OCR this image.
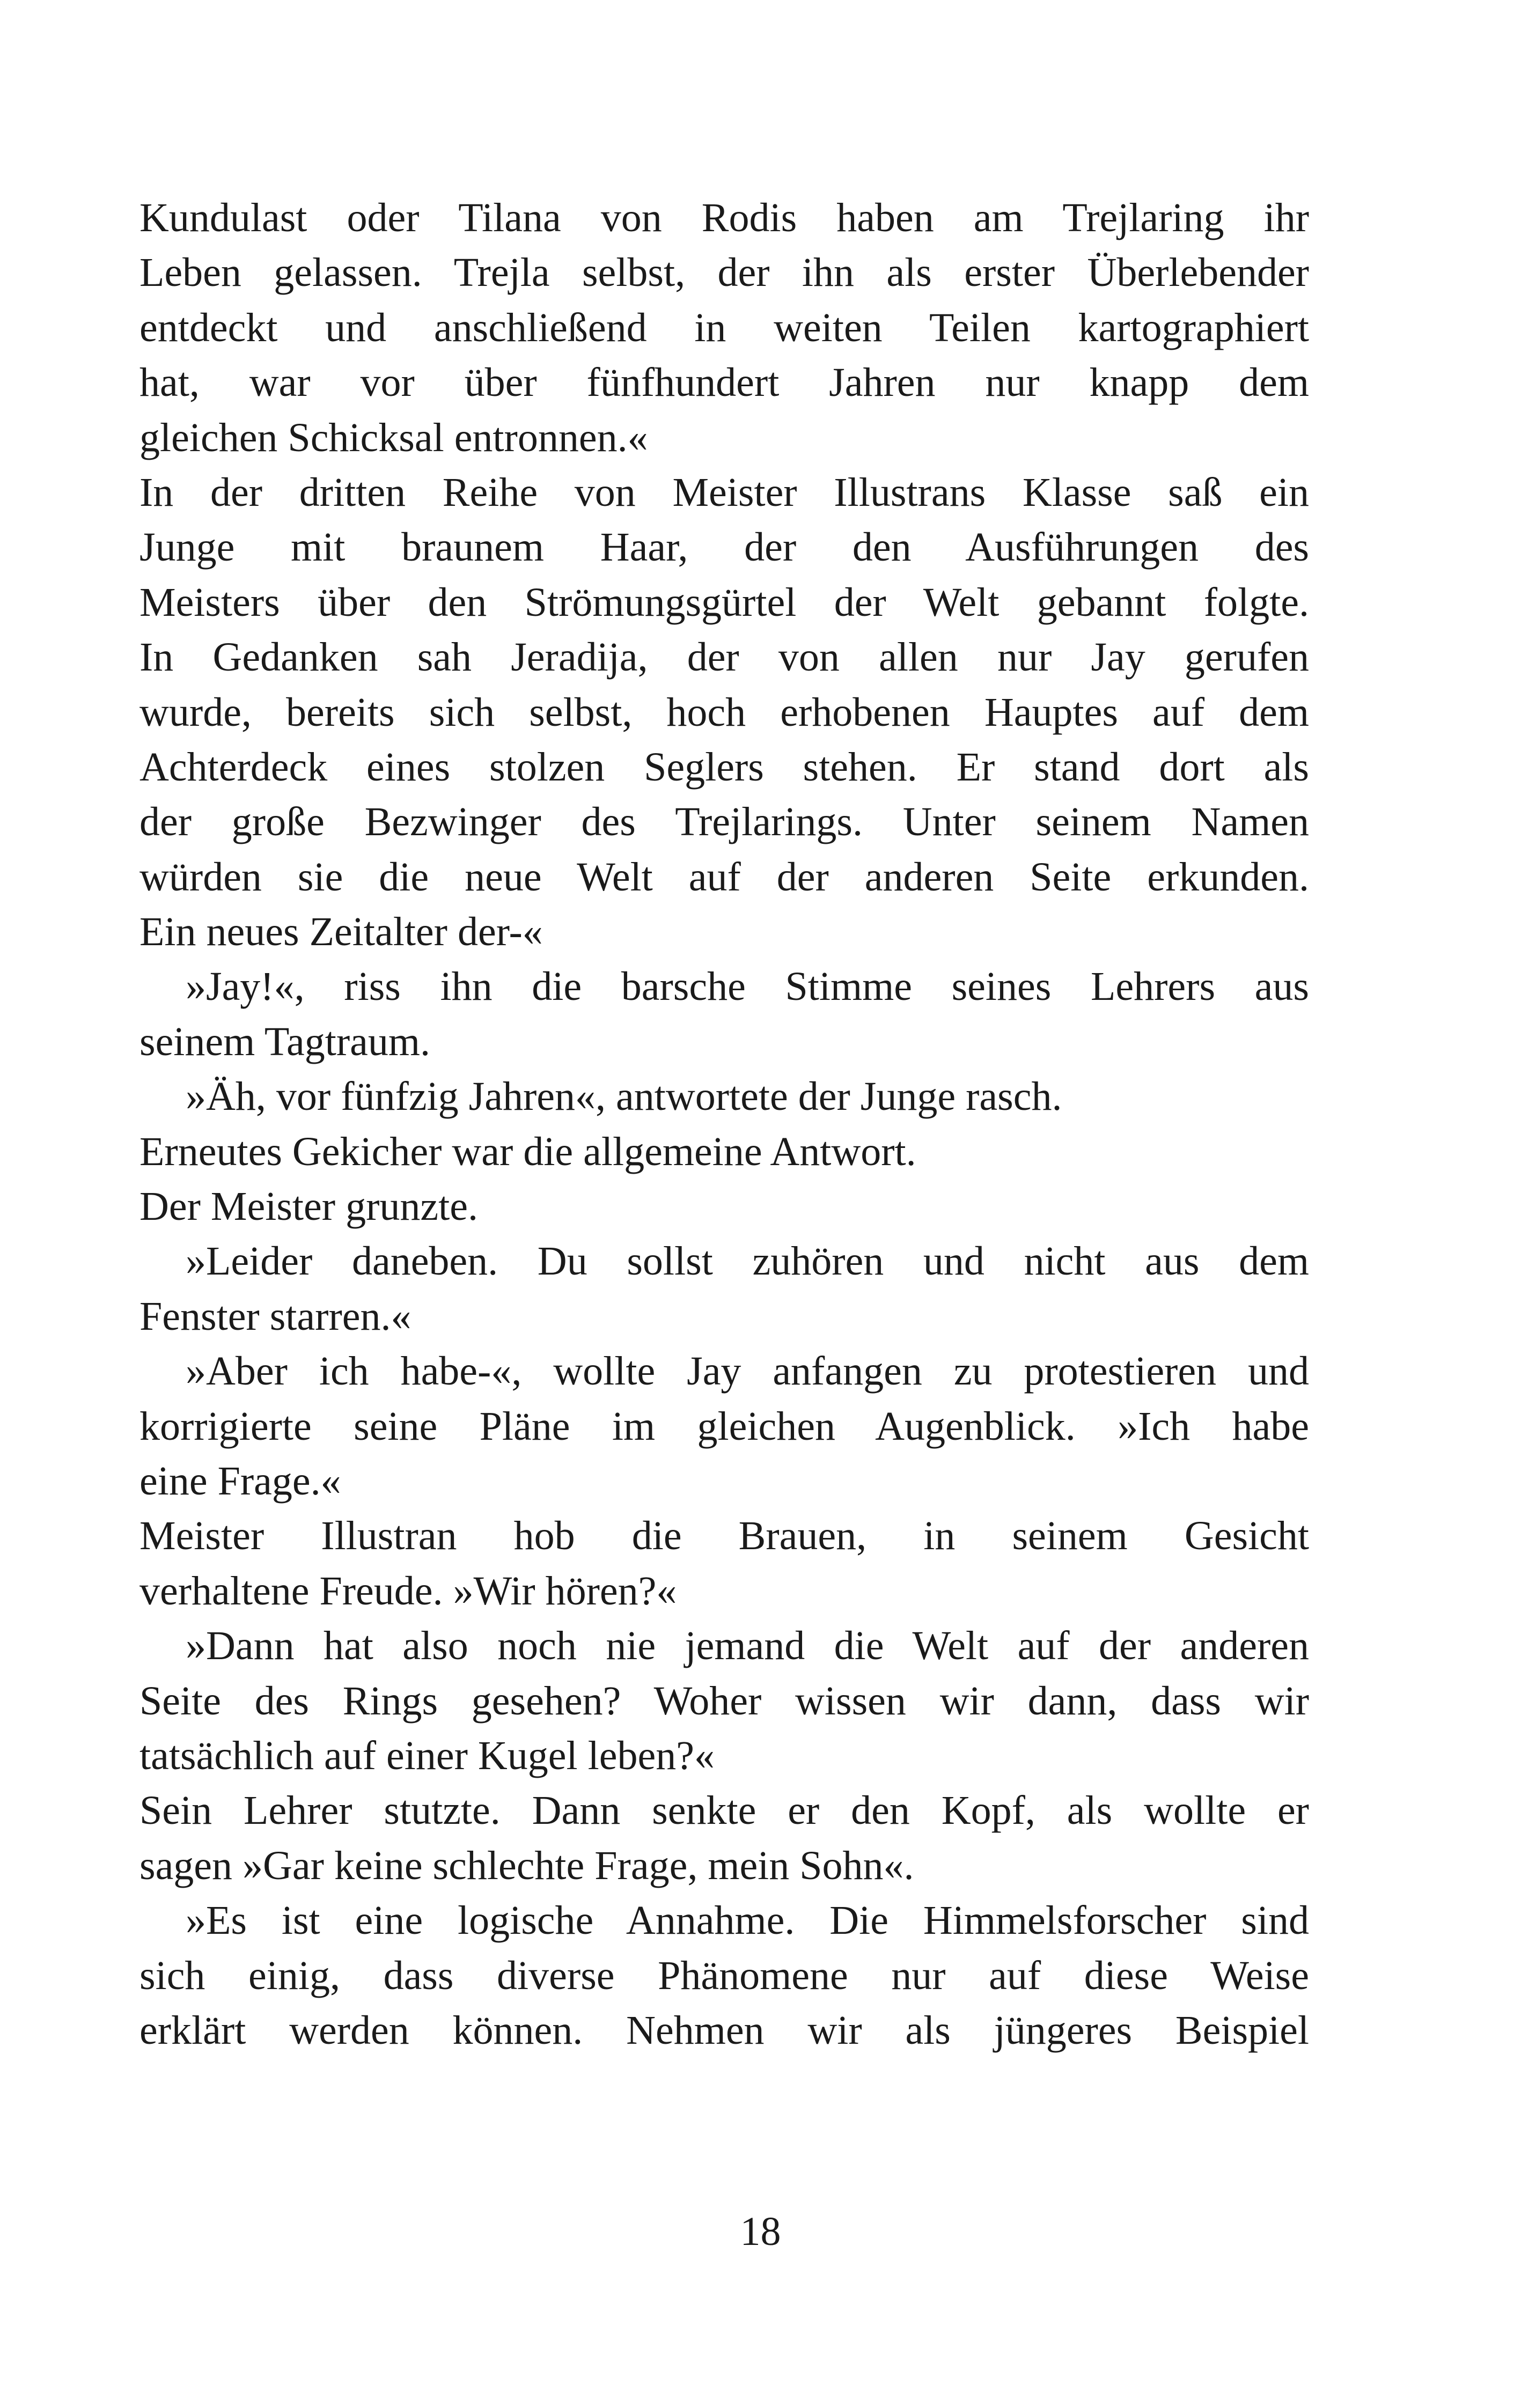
Kundulast oder Tilana von Rodis haben am Trejlaring ihr
Leben gelassen. Trejla selbst, der ihn als erster Überlebender
entdeckt und anschließend in weiten Teilen kartographiert
hat, war vor über fünfhundert Jahren nur knapp dem
gleichen Schicksal entronnen.«
In der dritten Reihe von Meister Illustrans Klasse saß ein
Junge mit braunem Haar, der den Ausführungen des
Meisters über den Strömungsgürtel der Welt gebannt folgte.
In Gedanken sah Jeradija, der von allen nur Jay gerufen
wurde, bereits sich selbst, hoch erhobenen Hauptes auf dem
Achterdeck eines stolzen Seglers stehen. Er stand dort als
der große Bezwinger des Trejlarings. Unter seinem Namen
würden sie die neue Welt auf der anderen Seite erkunden.
Ein neues Zeitalter der-«
»Jay!«, riss ihn die barsche Stimme seines Lehrers aus
seinem Tagtraum.
»Äh, vor fünfzig Jahren«, antwortete der Junge rasch.
Erneutes Gekicher war die allgemeine Antwort.
Der Meister grunzte.
»Leider daneben. Du sollst zuhören und nicht aus dem
Fenster starren.«
»Aber ich habe-«, wollte Jay anfangen zu protestieren und
korrigierte seine Pläne im gleichen Augenblick. »Ich habe
eine Frage.«
Meister Illustran hob die Brauen, in seinem Gesicht
verhaltene Freude. »Wir hören?«
»Dann hat also noch nie jemand die Welt auf der anderen
Seite des Rings gesehen? Woher wissen wir dann, dass wir
tatsächlich auf einer Kugel leben?«
Sein Lehrer stutzte. Dann senkte er den Kopf, als wollte er
sagen »Gar keine schlechte Frage, mein Sohn«.
»Es ist eine logische Annahme. Die Himmelsforscher sind
sich einig, dass diverse Phänomene nur auf diese Weise
erklärt werden können. Nehmen wir als jüngeres Beispiel
18
